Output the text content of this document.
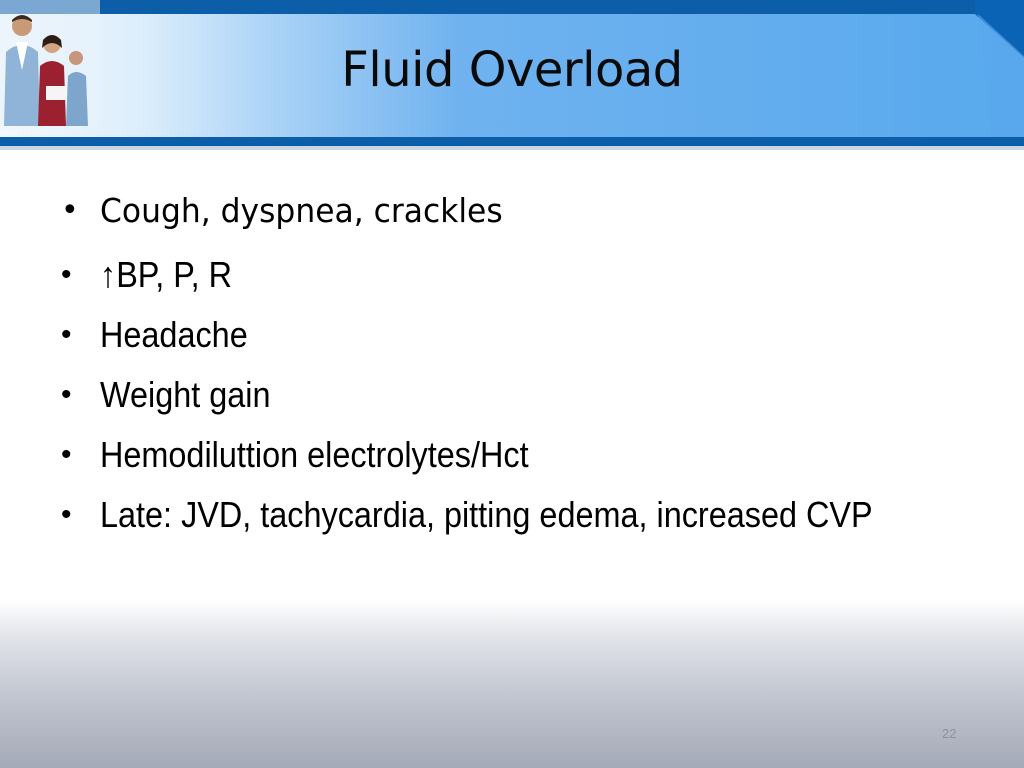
Fluid Overload
• Cough, dyspnea, crackles
• ↑BP, P, R
• Headache
• Weight gain
• Hemodiluttion electrolytes/Hct
• Late: JVD, tachycardia, pitting edema, increased CVP
22
